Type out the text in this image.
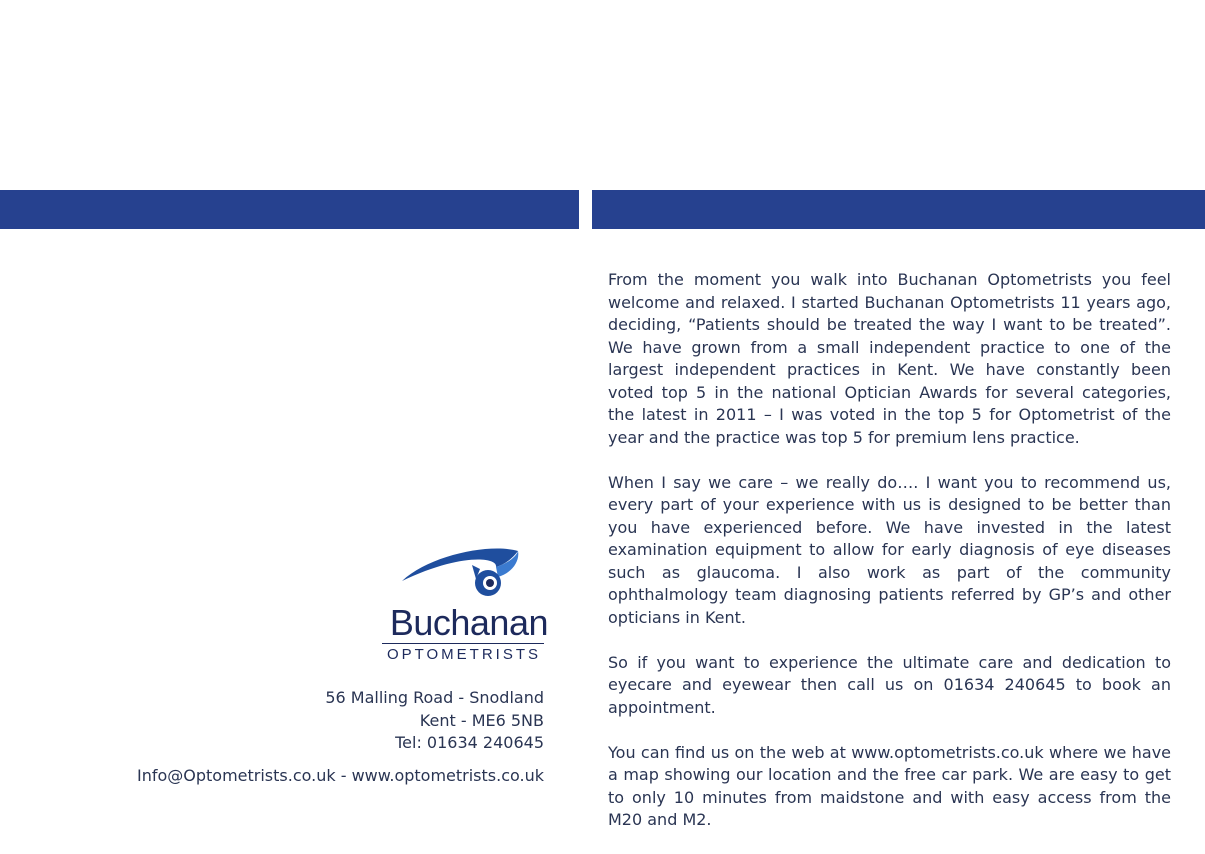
Buchanan
OPTOMETRISTS
56 Malling Road - Snodland
Kent - ME6 5NB
Tel: 01634 240645
Info@Optometrists.co.uk - www.optometrists.co.uk

From the moment you walk into Buchanan Optometrists you feel welcome and relaxed. I started Buchanan Optometrists 11 years ago, deciding, “Patients should be treated the way I want to be treated”. We have grown from a small independent practice to one of the largest independent practices in Kent. We have constantly been voted top 5 in the national Optician Awards for several categories, the latest in 2011 – I was voted in the top 5 for Optometrist of the year and the practice was top 5 for premium lens practice.

When I say we care – we really do…. I want you to recommend us, every part of your experience with us is designed to be better than you have experienced before. We have invested in the latest examination equipment to allow for early diagnosis of eye diseases such as glaucoma. I also work as part of the community ophthalmology team diagnosing patients referred by GP’s and other opticians in Kent.

So if you want to experience the ultimate care and dedication to eyecare and eyewear then call us on 01634 240645 to book an appointment.

You can find us on the web at www.optometrists.co.uk where we have a map showing our location and the free car park. We are easy to get to only 10 minutes from maidstone and with easy access from the M20 and M2.
